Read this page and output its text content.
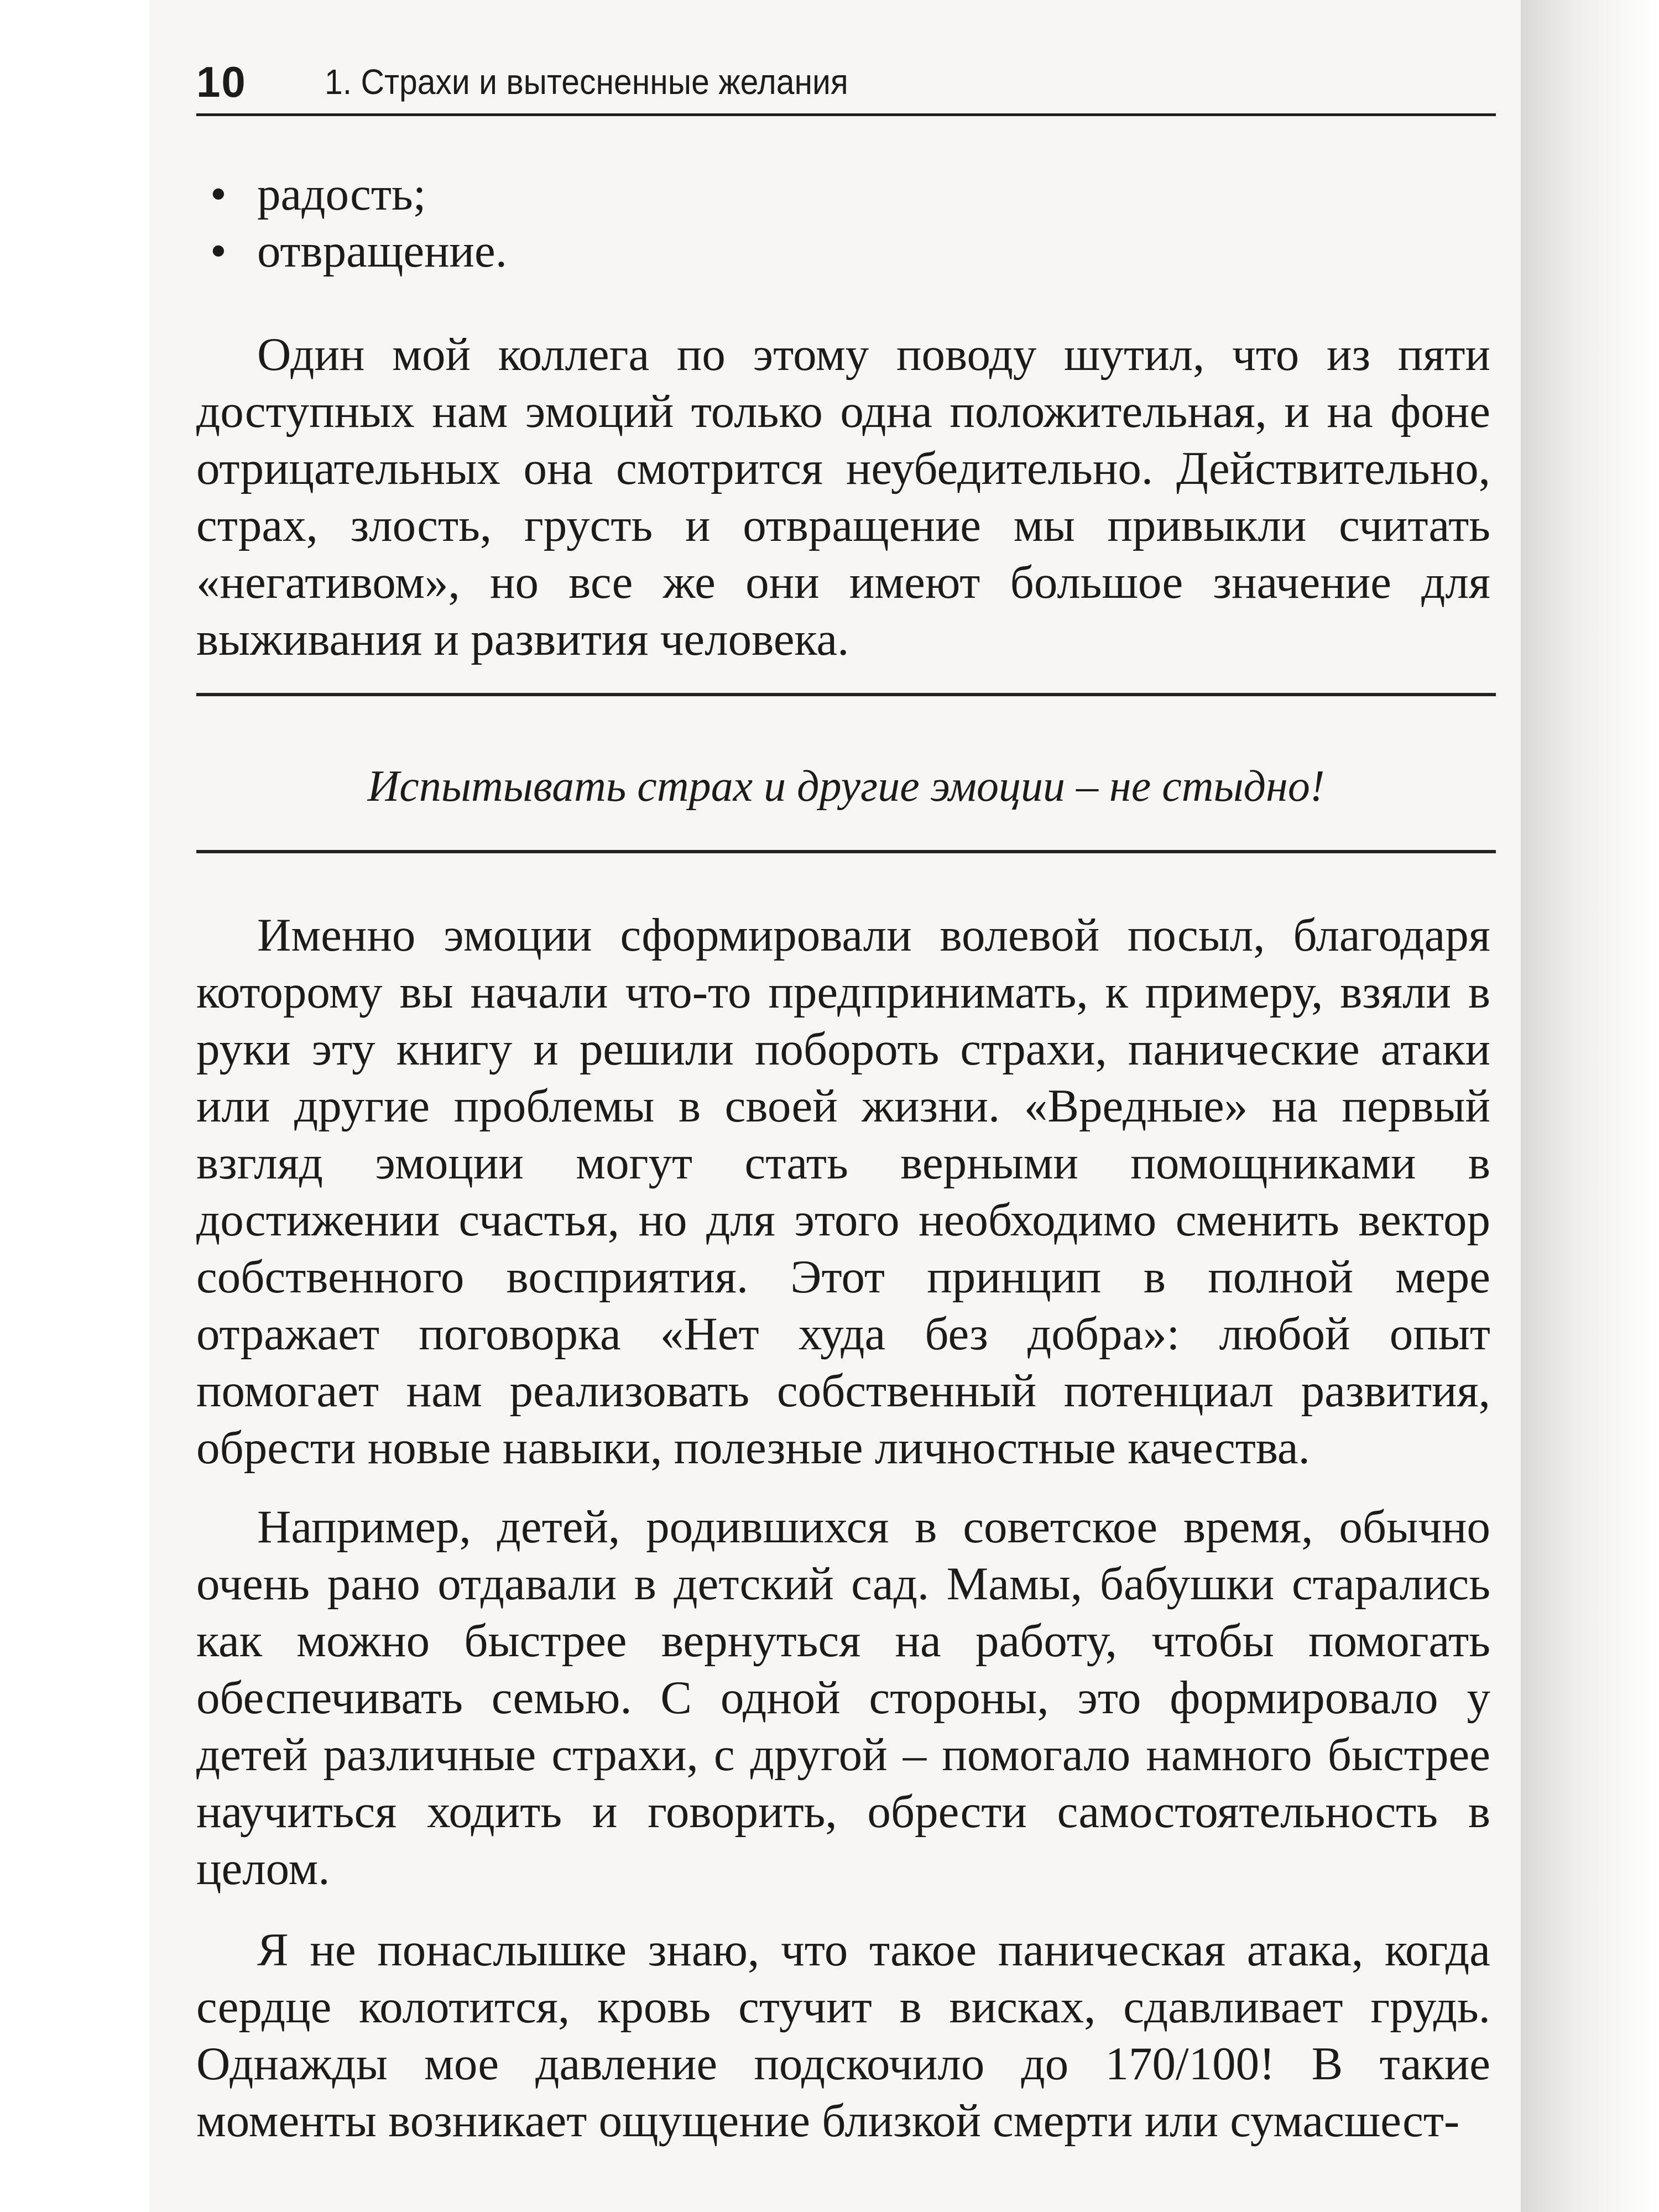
10 1. Страхи и вытесненные желания
• радость;
• отвращение.

Один мой коллега по этому поводу шутил, что из пяти доступных нам эмоций только одна положительная, и на фоне отрицательных она смотрится неубедительно. Действительно, страх, злость, грусть и отвращение мы привыкли считать «негативом», но все же они имеют большое значение для выживания и развития человека.

Испытывать страх и другие эмоции – не стыдно!

Именно эмоции сформировали волевой посыл, благодаря которому вы начали что-то предпринимать, к примеру, взяли в руки эту книгу и решили побороть страхи, панические атаки или другие проблемы в своей жизни. «Вредные» на первый взгляд эмоции могут стать верными помощниками в достижении счастья, но для этого необходимо сменить вектор собственного восприятия. Этот принцип в полной мере отражает поговорка «Нет худа без добра»: любой опыт помогает нам реализовать собственный потенциал развития, обрести новые навыки, полезные личностные качества.

Например, детей, родившихся в советское время, обычно очень рано отдавали в детский сад. Мамы, бабушки старались как можно быстрее вернуться на работу, чтобы помогать обеспечивать семью. С одной стороны, это формировало у детей различные страхи, с другой – помогало намного быстрее научиться ходить и говорить, обрести самостоятельность в целом.

Я не понаслышке знаю, что такое паническая атака, когда сердце колотится, кровь стучит в висках, сдавливает грудь. Однажды мое давление подскочило до 170/100! В такие моменты возникает ощущение близкой смерти или сумасшест-
